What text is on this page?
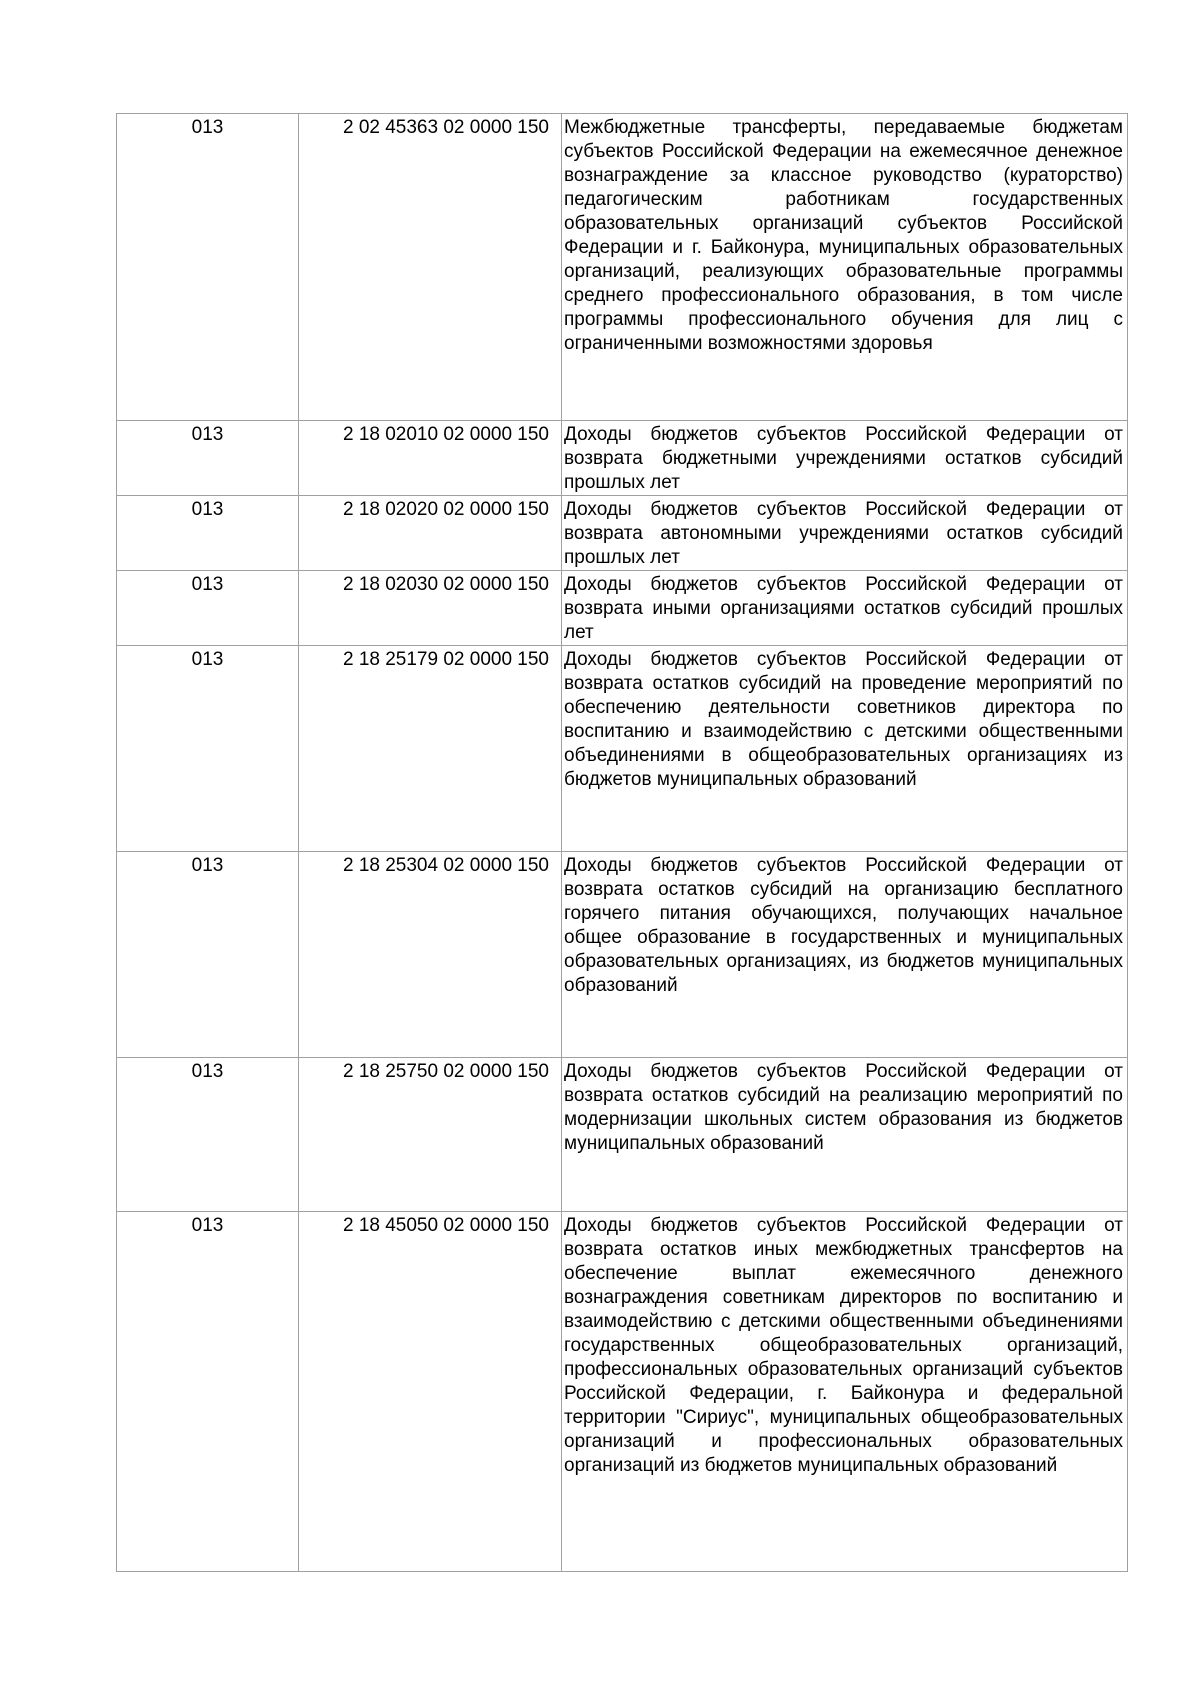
013	2 02 45363 02 0000 150	Межбюджетные трансферты, передаваемые бюджетам субъектов Российской Федерации на ежемесячное денежное вознаграждение за классное руководство (кураторство) педагогическим работникам государственных образовательных организаций субъектов Российской Федерации и г. Байконура, муниципальных образовательных организаций, реализующих образовательные программы среднего профессионального образования, в том числе программы профессионального обучения для лиц с ограниченными возможностями здоровья
013	2 18 02010 02 0000 150	Доходы бюджетов субъектов Российской Федерации от возврата бюджетными учреждениями остатков субсидий прошлых лет
013	2 18 02020 02 0000 150	Доходы бюджетов субъектов Российской Федерации от возврата автономными учреждениями остатков субсидий прошлых лет
013	2 18 02030 02 0000 150	Доходы бюджетов субъектов Российской Федерации от возврата иными организациями остатков субсидий прошлых лет
013	2 18 25179 02 0000 150	Доходы бюджетов субъектов Российской Федерации от возврата остатков субсидий на проведение мероприятий по обеспечению деятельности советников директора по воспитанию и взаимодействию с детскими общественными объединениями в общеобразовательных организациях из бюджетов муниципальных образований
013	2 18 25304 02 0000 150	Доходы бюджетов субъектов Российской Федерации от возврата остатков субсидий на организацию бесплатного горячего питания обучающихся, получающих начальное общее образование в государственных и муниципальных образовательных организациях, из бюджетов муниципальных образований
013	2 18 25750 02 0000 150	Доходы бюджетов субъектов Российской Федерации от возврата остатков субсидий на реализацию мероприятий по модернизации школьных систем образования из бюджетов муниципальных образований
013	2 18 45050 02 0000 150	Доходы бюджетов субъектов Российской Федерации от возврата остатков иных межбюджетных трансфертов на обеспечение выплат ежемесячного денежного вознаграждения советникам директоров по воспитанию и взаимодействию с детскими общественными объединениями государственных общеобразовательных организаций, профессиональных образовательных организаций субъектов Российской Федерации, г. Байконура и федеральной территории "Сириус", муниципальных общеобразовательных организаций и профессиональных образовательных организаций из бюджетов муниципальных образований
